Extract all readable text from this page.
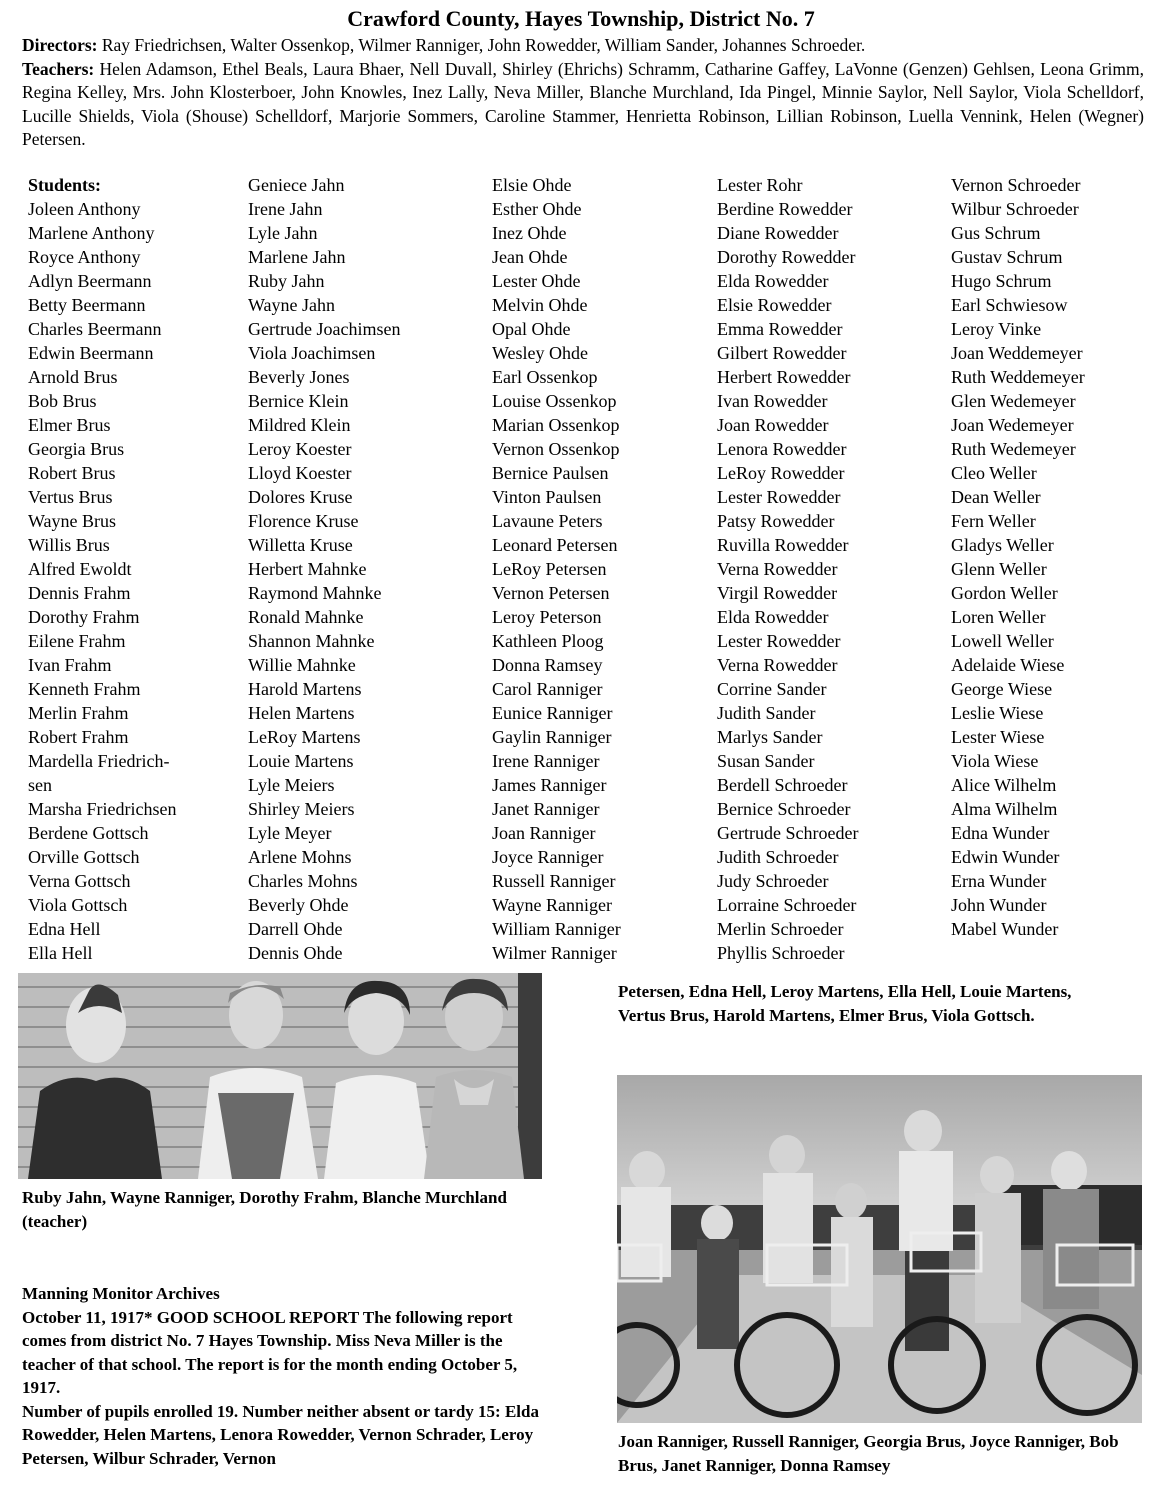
Crawford County, Hayes Township, District No. 7
Directors: Ray Friedrichsen, Walter Ossenkop, Wilmer Ranniger, John Rowedder, William Sander, Johannes Schroeder.
Teachers: Helen Adamson, Ethel Beals, Laura Bhaer, Nell Duvall, Shirley (Ehrichs) Schramm, Catharine Gaffey, LaVonne (Genzen) Gehlsen, Leona Grimm, Regina Kelley, Mrs. John Klosterboer, John Knowles, Inez Lally, Neva Miller, Blanche Murchland, Ida Pingel, Minnie Saylor, Nell Saylor, Viola Schelldorf, Lucille Shields, Viola (Shouse) Schelldorf, Marjorie Sommers, Caroline Stammer, Henrietta Robinson, Lillian Robinson, Luella Vennink, Helen (Wegner) Petersen.
Students:
Joleen Anthony
Marlene Anthony
Royce Anthony
Adlyn Beermann
Betty Beermann
Charles Beermann
Edwin Beermann
Arnold Brus
Bob Brus
Elmer Brus
Georgia Brus
Robert Brus
Vertus Brus
Wayne Brus
Willis Brus
Alfred Ewoldt
Dennis Frahm
Dorothy Frahm
Eilene Frahm
Ivan Frahm
Kenneth Frahm
Merlin Frahm
Robert Frahm
Mardella Friedrich-
sen
Marsha Friedrichsen
Berdene Gottsch
Orville Gottsch
Verna Gottsch
Viola Gottsch
Edna Hell
Ella Hell
Geniece Jahn
Irene Jahn
Lyle Jahn
Marlene Jahn
Ruby Jahn
Wayne Jahn
Gertrude Joachimsen
Viola Joachimsen
Beverly Jones
Bernice Klein
Mildred Klein
Leroy Koester
Lloyd Koester
Dolores Kruse
Florence Kruse
Willetta Kruse
Herbert Mahnke
Raymond Mahnke
Ronald Mahnke
Shannon Mahnke
Willie Mahnke
Harold Martens
Helen Martens
LeRoy Martens
Louie Martens
Lyle Meiers
Shirley Meiers
Lyle Meyer
Arlene Mohns
Charles Mohns
Beverly Ohde
Darrell Ohde
Dennis Ohde
Elsie Ohde
Esther Ohde
Inez Ohde
Jean Ohde
Lester Ohde
Melvin Ohde
Opal Ohde
Wesley Ohde
Earl Ossenkop
Louise Ossenkop
Marian Ossenkop
Vernon Ossenkop
Bernice Paulsen
Vinton Paulsen
Lavaune Peters
Leonard Petersen
LeRoy Petersen
Vernon Petersen
Leroy Peterson
Kathleen Ploog
Donna Ramsey
Carol Ranniger
Eunice Ranniger
Gaylin Ranniger
Irene Ranniger
James Ranniger
Janet Ranniger
Joan Ranniger
Joyce Ranniger
Russell Ranniger
Wayne Ranniger
William Ranniger
Wilmer Ranniger
Lester Rohr
Berdine Rowedder
Diane Rowedder
Dorothy Rowedder
Elda Rowedder
Elsie Rowedder
Emma Rowedder
Gilbert Rowedder
Herbert Rowedder
Ivan Rowedder
Joan Rowedder
Lenora Rowedder
LeRoy Rowedder
Lester Rowedder
Patsy Rowedder
Ruvilla Rowedder
Verna Rowedder
Virgil Rowedder
Elda Rowedder
Lester Rowedder
Verna Rowedder
Corrine Sander
Judith Sander
Marlys Sander
Susan Sander
Berdell Schroeder
Bernice Schroeder
Gertrude Schroeder
Judith Schroeder
Judy Schroeder
Lorraine Schroeder
Merlin Schroeder
Phyllis Schroeder
Vernon Schroeder
Wilbur Schroeder
Gus Schrum
Gustav Schrum
Hugo Schrum
Earl Schwiesow
Leroy Vinke
Joan Weddemeyer
Ruth Weddemeyer
Glen Wedemeyer
Joan Wedemeyer
Ruth Wedemeyer
Cleo Weller
Dean Weller
Fern Weller
Gladys Weller
Glenn Weller
Gordon Weller
Loren Weller
Lowell Weller
Adelaide Wiese
George Wiese
Leslie Wiese
Lester Wiese
Viola Wiese
Alice Wilhelm
Alma Wilhelm
Edna Wunder
Edwin Wunder
Erna Wunder
John Wunder
Mabel Wunder
Ruby Jahn, Wayne Ranniger, Dorothy Frahm, Blanche Murchland (teacher)
Manning Monitor Archives
October 11, 1917* GOOD SCHOOL REPORT The following report comes from district No. 7 Hayes Township. Miss Neva Miller is the teacher of that school. The report is for the month ending October 5, 1917.
Number of pupils enrolled 19. Number neither absent or tardy 15: Elda Rowedder, Helen Martens, Lenora Rowedder, Vernon Schrader, Leroy Petersen, Wilbur Schrader, Vernon
Petersen, Edna Hell, Leroy Martens, Ella Hell, Louie Martens, Vertus Brus, Harold Martens, Elmer Brus, Viola Gottsch.
Joan Ranniger, Russell Ranniger, Georgia Brus, Joyce Ranniger, Bob Brus, Janet Ranniger, Donna Ramsey
